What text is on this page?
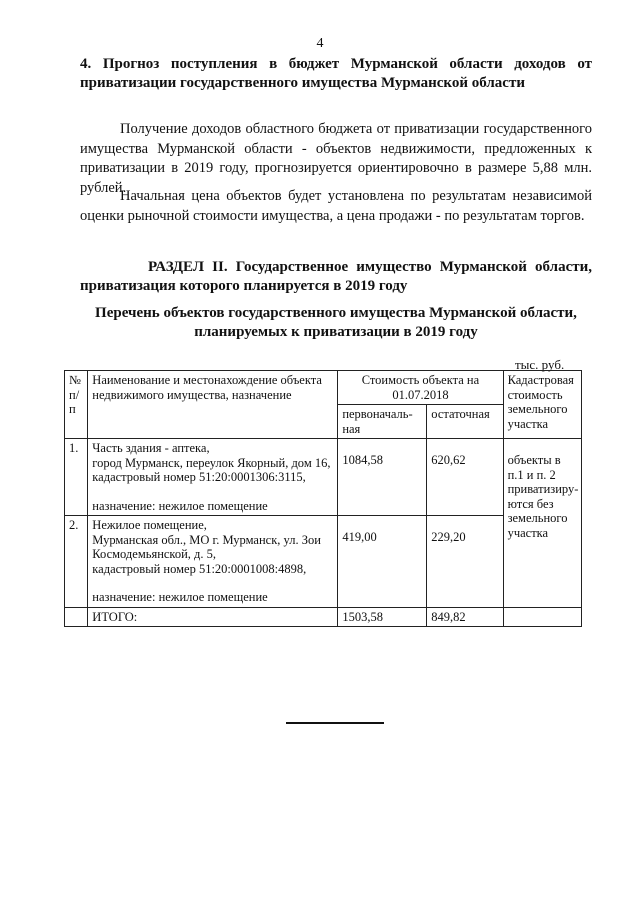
4
4. Прогноз поступления в бюджет Мурманской области доходов от приватизации государственного имущества Мурманской области
Получение доходов областного бюджета от приватизации государственного имущества Мурманской области - объектов недвижимости, предложенных к приватизации в 2019 году, прогнозируется ориентировочно в размере 5,88 млн. рублей.
Начальная цена объектов будет установлена по результатам независимой оценки рыночной стоимости имущества, а цена продажи - по результатам торгов.
РАЗДЕЛ II. Государственное имущество Мурманской области, приватизация которого планируется в 2019 году
Перечень объектов государственного имущества Мурманской области, планируемых к приватизации в 2019 году
тыс. руб.
№ п/п	Наименование и местонахождение объекта недвижимого имущества, назначение	Стоимость объекта на 01.07.2018		Кадастровая стоимость земельного участка
		первоначаль-ная	остаточная	
1.	Часть здания - аптека,
город Мурманск, переулок Якорный, дом 16,
кадастровый номер 51:20:0001306:3115,
назначение: нежилое помещение	1084,58	620,62	объекты в п.1 и п. 2 приватизиру-ются без земельного участка
2.	Нежилое помещение,
Мурманская обл., МО г. Мурманск, ул. Зои Космодемьянской, д. 5,
кадастровый номер 51:20:0001008:4898,
назначение: нежилое помещение	419,00	229,20	
	ИТОГО:	1503,58	849,82	
